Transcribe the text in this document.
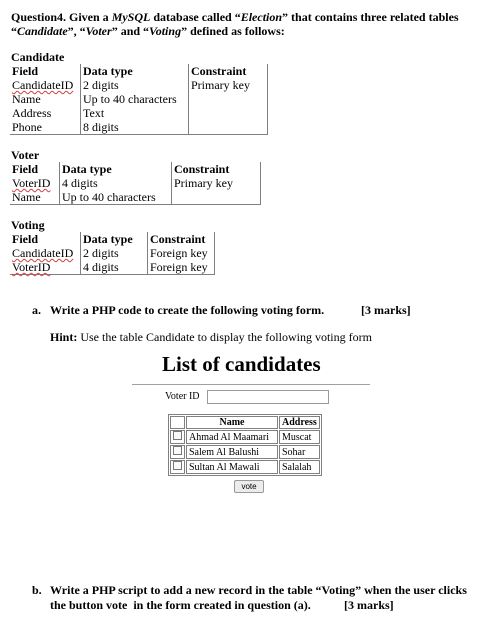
Question4. Given a MySQL database called “Election” that contains three related tables
“Candidate”, “Voter” and “Voting” defined as follows:
Candidate
Field	Data type	Constraint
CandidateID	2 digits	Primary key
Name	Up to 40 characters	
Address	Text	
Phone	8 digits	
Voter
Field	Data type	Constraint
VoterID	4 digits	Primary key
Name	Up to 40 characters	
Voting
Field	Data type	Constraint
CandidateID	2 digits	Foreign key
VoterID	4 digits	Foreign key
a. Write a PHP code to create the following voting form.	[3 marks]
Hint: Use the table Candidate to display the following voting form
List of candidates
Voter ID
	Name	Address
	Ahmad Al Maamari	Muscat
	Salem Al Balushi	Sohar
	Sultan Al Mawali	Salalah
vote
b. Write a PHP script to add a new record in the table “Voting” when the user clicks
the button vote  in the form created in question (a).	[3 marks]
